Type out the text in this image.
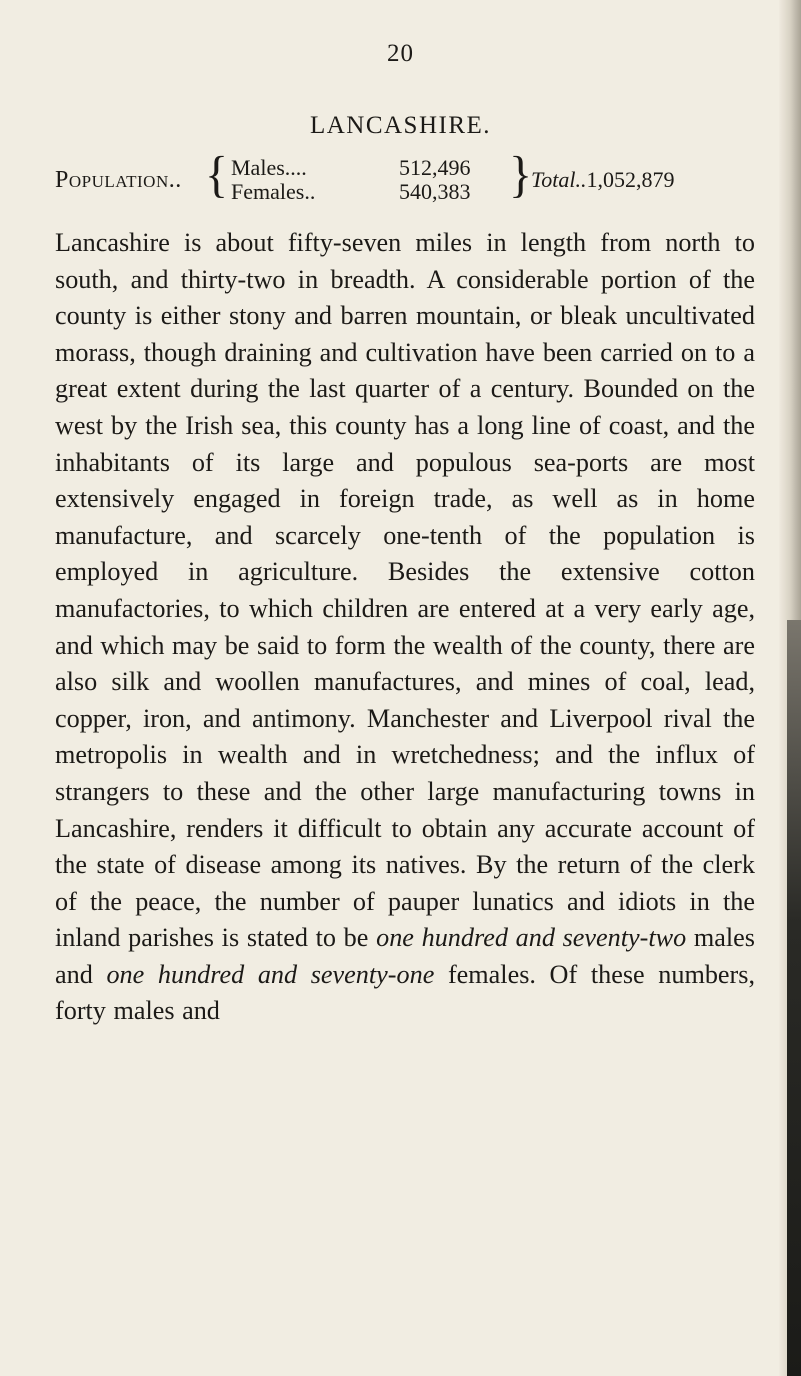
20
LANCASHIRE.
Population.. { Males....	512,496
Females..	540,383 }
Total..1,052,879

Lancashire is about fifty-seven miles in length from north to south, and thirty-two in breadth. A considerable portion of the county is either stony and barren mountain, or bleak uncultivated morass, though draining and cultivation have been carried on to a great extent during the last quarter of a century. Bounded on the west by the Irish sea, this county has a long line of coast, and the inhabitants of its large and populous sea-ports are most extensively engaged in foreign trade, as well as in home manufacture, and scarcely one-tenth of the population is employed in agriculture. Besides the extensive cotton manufactories, to which children are entered at a very early age, and which may be said to form the wealth of the county, there are also silk and woollen manufactures, and mines of coal, lead, copper, iron, and antimony. Manchester and Liverpool rival the metropolis in wealth and in wretchedness; and the influx of strangers to these and the other large manufacturing towns in Lancashire, renders it difficult to obtain any accurate account of the state of disease among its natives. By the return of the clerk of the peace, the number of pauper lunatics and idiots in the inland parishes is stated to be one hundred and seventy-two males and one hundred and seventy-one females. Of these numbers, forty males and
